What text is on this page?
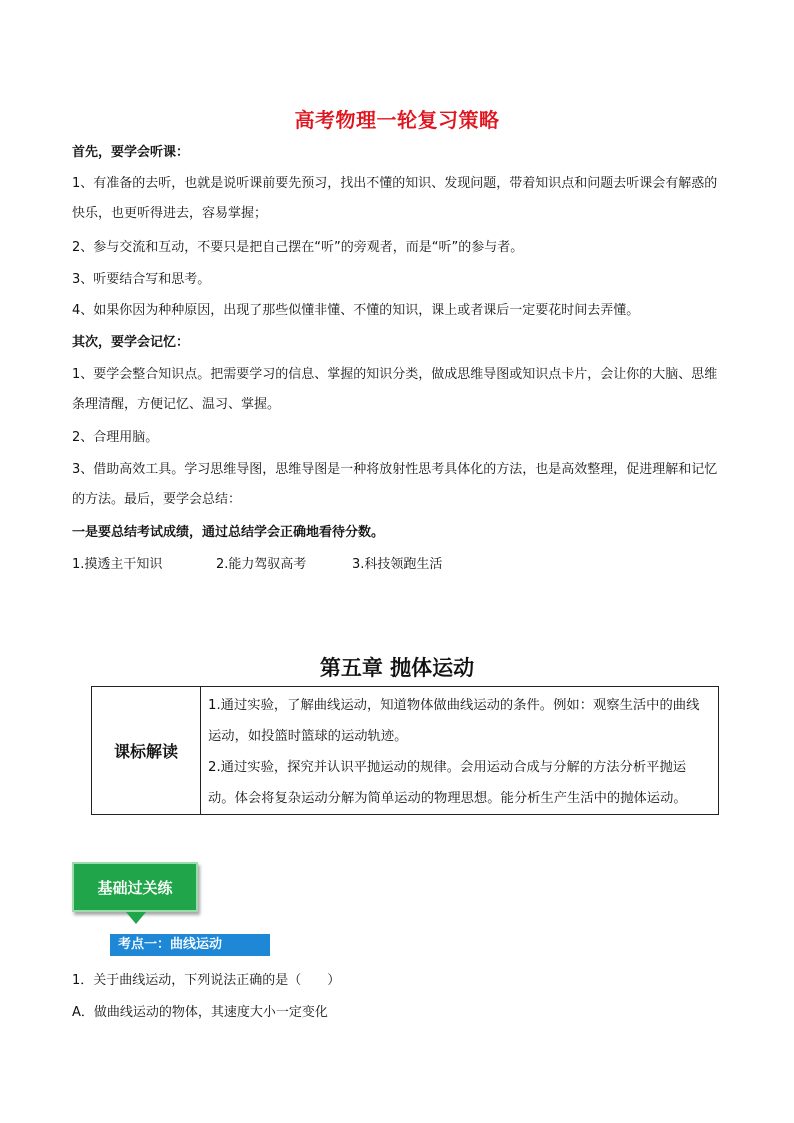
高考物理一轮复习策略
首先，要学会听课：
1、有准备的去听，也就是说听课前要先预习，找出不懂的知识、发现问题，带着知识点和问题去听课会有解惑的快乐，也更听得进去，容易掌握；
2、参与交流和互动，不要只是把自己摆在“听”的旁观者，而是“听”的参与者。
3、听要结合写和思考。
4、如果你因为种种原因，出现了那些似懂非懂、不懂的知识，课上或者课后一定要花时间去弄懂。
其次，要学会记忆：
1、要学会整合知识点。把需要学习的信息、掌握的知识分类，做成思维导图或知识点卡片，会让你的大脑、思维条理清醒，方便记忆、温习、掌握。
2、合理用脑。
3、借助高效工具。学习思维导图，思维导图是一种将放射性思考具体化的方法，也是高效整理，促进理解和记忆的方法。最后，要学会总结：
一是要总结考试成绩，通过总结学会正确地看待分数。
1.摸透主干知识	2.能力驾驭高考	3.科技领跑生活
第五章 抛体运动
课标解读
1.通过实验，了解曲线运动，知道物体做曲线运动的条件。例如：观察生活中的曲线运动，如投篮时篮球的运动轨迹。
2.通过实验，探究并认识平抛运动的规律。会用运动合成与分解的方法分析平抛运动。体会将复杂运动分解为简单运动的物理思想。能分析生产生活中的抛体运动。
基础过关练
考点一：曲线运动
1．关于曲线运动，下列说法正确的是（　　）
A．做曲线运动的物体，其速度大小一定变化
